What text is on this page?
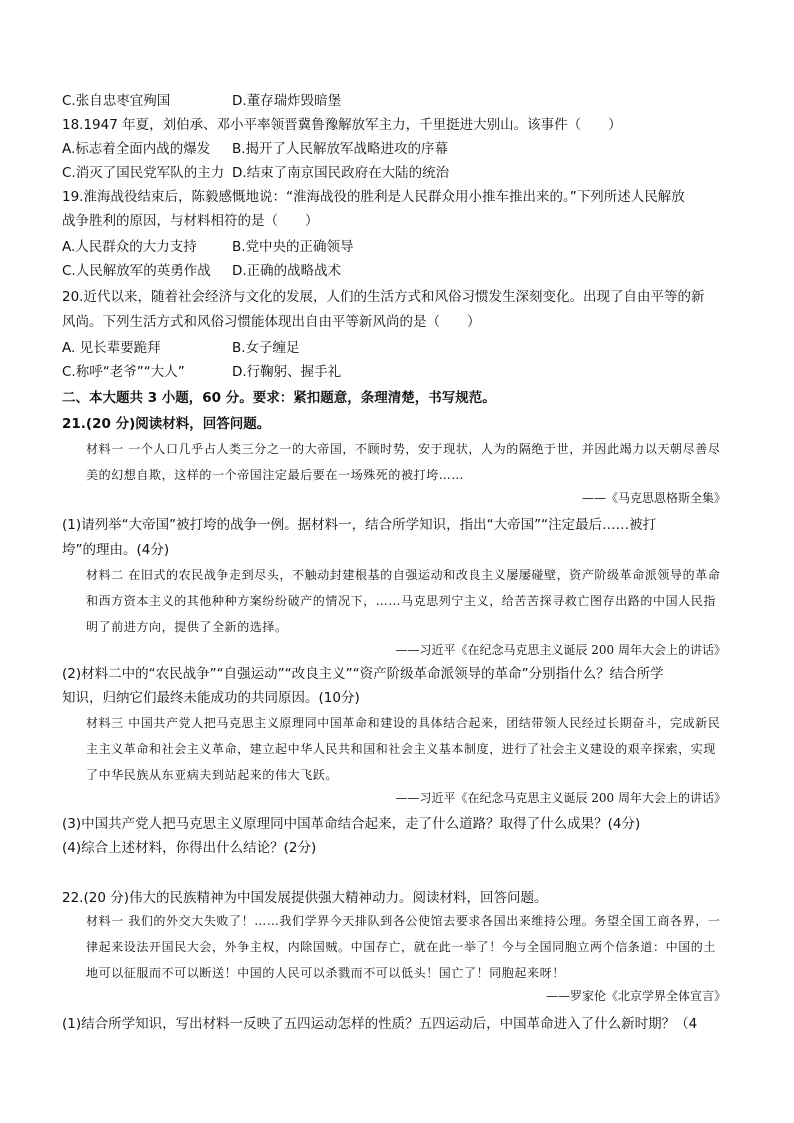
C.张自忠枣宜殉国	D.董存瑞炸毁暗堡
18.1947 年夏，刘伯承、邓小平率领晋冀鲁豫解放军主力，千里挺进大别山。该事件（　　）
A.标志着全面内战的爆发 B.揭开了人民解放军战略进攻的序幕
C.消灭了国民党军队的主力 D.结束了南京国民政府在大陆的统治
19.淮海战役结束后，陈毅感慨地说：“淮海战役的胜利是人民群众用小推车推出来的。”下列所述人民解放
战争胜利的原因，与材料相符的是（　　）
A.人民群众的大力支持	B.党中央的正确领导
C.人民解放军的英勇作战 D.正确的战略战术
20.近代以来，随着社会经济与文化的发展，人们的生活方式和风俗习惯发生深刻变化。出现了自由平等的新
风尚。下列生活方式和风俗习惯能体现出自由平等新风尚的是（　　）
A. 见长辈要跪拜	B.女子缠足
C.称呼“老爷”“大人”	D.行鞠躬、握手礼
二、本大题共 3 小题，60 分。要求：紧扣题意，条理清楚，书写规范。
21.(20 分)阅读材料，回答问题。
材料一 一个人口几乎占人类三分之一的大帝国，不顾时势，安于现状，人为的隔绝于世，并因此竭力以天朝尽善尽美的幻想自欺，这样的一个帝国注定最后要在一场殊死的被打垮……
——《马克思恩格斯全集》
(1)请列举“大帝国”被打垮的战争一例。据材料一，结合所学知识，指出“大帝国”“注定最后……被打
垮”的理由。(4分)
材料二 在旧式的农民战争走到尽头，不触动封建根基的自强运动和改良主义屡屡碰壁，资产阶级革命派领导的革命和西方资本主义的其他种种方案纷纷破产的情况下，……马克思列宁主义，给苦苦探寻救亡图存出路的中国人民指明了前进方向，提供了全新的选择。
——习近平《在纪念马克思主义诞辰 200 周年大会上的讲话》
(2)材料二中的“农民战争”“自强运动”“改良主义”“资产阶级革命派领导的革命”分别指什么？结合所学
知识，归纳它们最终未能成功的共同原因。(10分)
材料三 中国共产党人把马克思主义原理同中国革命和建设的具体结合起来，团结带领人民经过长期奋斗，完成新民主主义革命和社会主义革命，建立起中华人民共和国和社会主义基本制度，进行了社会主义建设的艰辛探索，实现了中华民族从东亚病夫到站起来的伟大飞跃。
——习近平《在纪念马克思主义诞辰 200 周年大会上的讲话》
(3)中国共产党人把马克思主义原理同中国革命结合起来，走了什么道路？取得了什么成果？(4分)
(4)综合上述材料，你得出什么结论？(2分)
22.(20 分)伟大的民族精神为中国发展提供强大精神动力。阅读材料，回答问题。
材料一 我们的外交大失败了！……我们学界今天排队到各公使馆去要求各国出来维持公理。务望全国工商各界，一律起来设法开国民大会，外争主权，内除国贼。中国存亡，就在此一举了！今与全国同胞立两个信条道：中国的土地可以征服而不可以断送！中国的人民可以杀戮而不可以低头！国亡了！同胞起来呀！
——罗家伦《北京学界全体宣言》
(1)结合所学知识，写出材料一反映了五四运动怎样的性质？五四运动后，中国革命进入了什么新时期？（4
